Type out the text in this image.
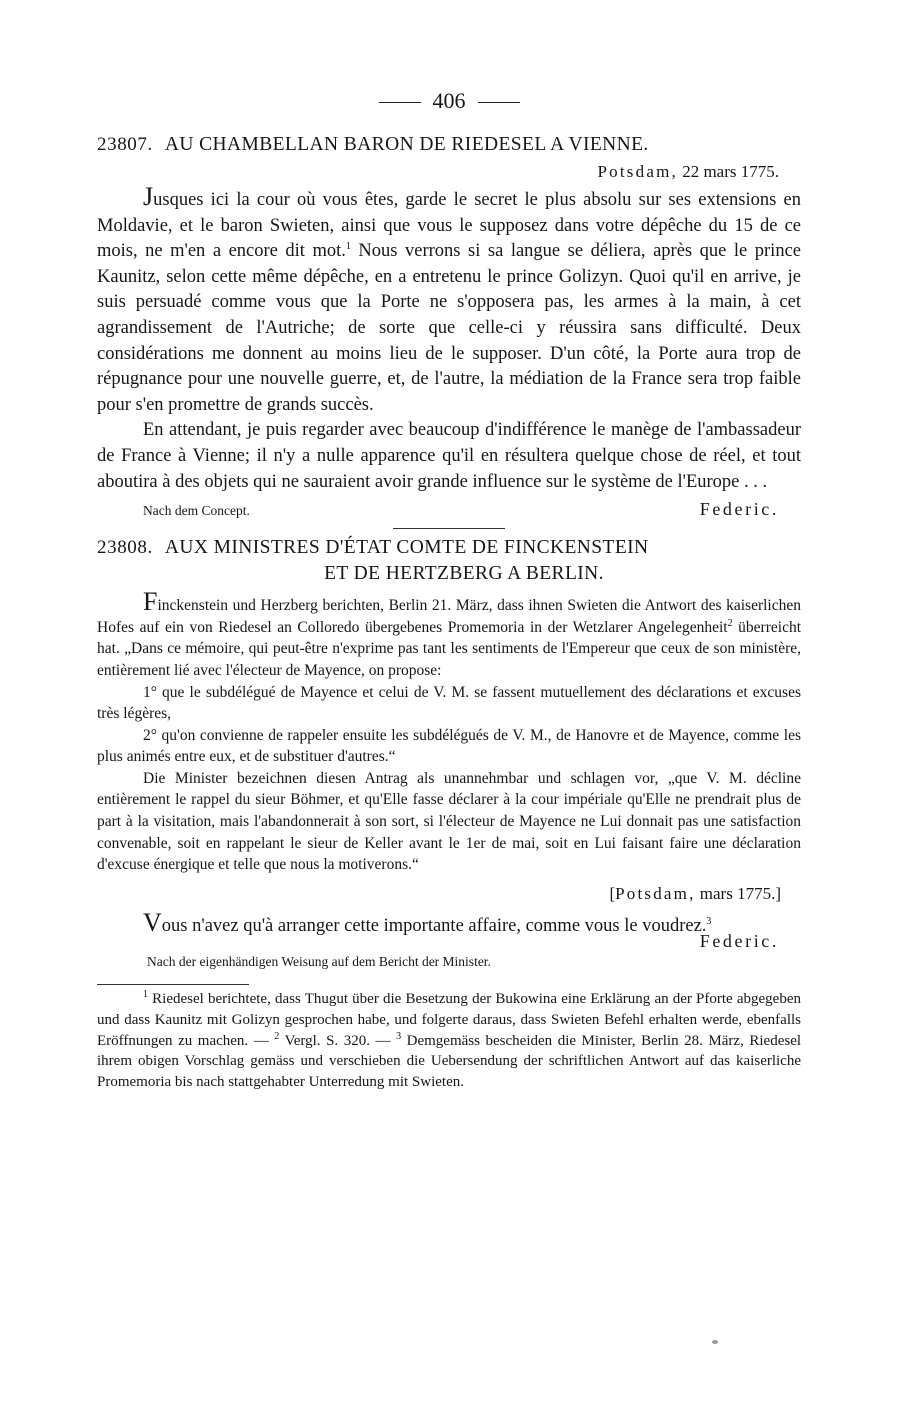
406
23807. AU CHAMBELLAN BARON DE RIEDESEL A VIENNE.
Potsdam, 22 mars 1775.

Jusques ici la cour où vous êtes, garde le secret le plus absolu sur ses extensions en Moldavie, et le baron Swieten, ainsi que vous le supposez dans votre dépêche du 15 de ce mois, ne m'en a encore dit mot.$^1$ Nous verrons si sa langue se déliera, après que le prince Kaunitz, selon cette même dépêche, en a entretenu le prince Golizyn. Quoi qu'il en arrive, je suis persuadé comme vous que la Porte ne s'opposera pas, les armes à la main, à cet agrandissement de l'Autriche; de sorte que celle-ci y réussira sans difficulté. Deux considérations me donnent au moins lieu de le supposer. D'un côté, la Porte aura trop de répugnance pour une nouvelle guerre, et, de l'autre, la médiation de la France sera trop faible pour s'en promettre de grands succès.

En attendant, je puis regarder avec beaucoup d'indifférence le manège de l'ambassadeur de France à Vienne; il n'y a nulle apparence qu'il en résultera quelque chose de réel, et tout aboutira à des objets qui ne sauraient avoir grande influence sur le système de l'Europe . . .

Nach dem Concept.	Federic.
23808. AUX MINISTRES D'ÉTAT COMTE DE FINCKENSTEIN
ET DE HERTZBERG A BERLIN.

Finckenstein und Herzberg berichten, Berlin 21. März, dass ihnen Swieten die Antwort des kaiserlichen Hofes auf ein von Riedesel an Colloredo übergebenes Promemoria in der Wetzlarer Angelegenheit$^2$ überreicht hat. „Dans ce mémoire, qui peut-être n'exprime pas tant les sentiments de l'Empereur que ceux de son ministère, entièrement lié avec l'électeur de Mayence, on propose:

1° que le subdélégué de Mayence et celui de V. M. se fassent mutuellement des déclarations et excuses très légères,

2° qu'on convienne de rappeler ensuite les subdélégués de V. M., de Hanovre et de Mayence, comme les plus animés entre eux, et de substituer d'autres.“

Die Minister bezeichnen diesen Antrag als unannehmbar und schlagen vor, „que V. M. décline entièrement le rappel du sieur Böhmer, et qu'Elle fasse déclarer à la cour impériale qu'Elle ne prendrait plus de part à la visitation, mais l'abandonnerait à son sort, si l'électeur de Mayence ne Lui donnait pas une satisfaction convenable, soit en rappelant le sieur de Keller avant le 1er de mai, soit en Lui faisant faire une déclaration d'excuse énergique et telle que nous la motiverons.“

[Potsdam, mars 1775.]

Vous n'avez qu'à arranger cette importante affaire, comme vous le voudrez.$^3$

Federic.
Nach der eigenhändigen Weisung auf dem Bericht der Minister.

$^1$ Riedesel berichtete, dass Thugut über die Besetzung der Bukowina eine Erklärung an der Pforte abgegeben und dass Kaunitz mit Golizyn gesprochen habe, und folgerte daraus, dass Swieten Befehl erhalten werde, ebenfalls Eröffnungen zu machen. — $^2$ Vergl. S. 320. — $^3$ Demgemäss bescheiden die Minister, Berlin 28. März, Riedesel ihrem obigen Vorschlag gemäss und verschieben die Uebersendung der schriftlichen Antwort auf das kaiserliche Promemoria bis nach stattgehabter Unterredung mit Swieten.
